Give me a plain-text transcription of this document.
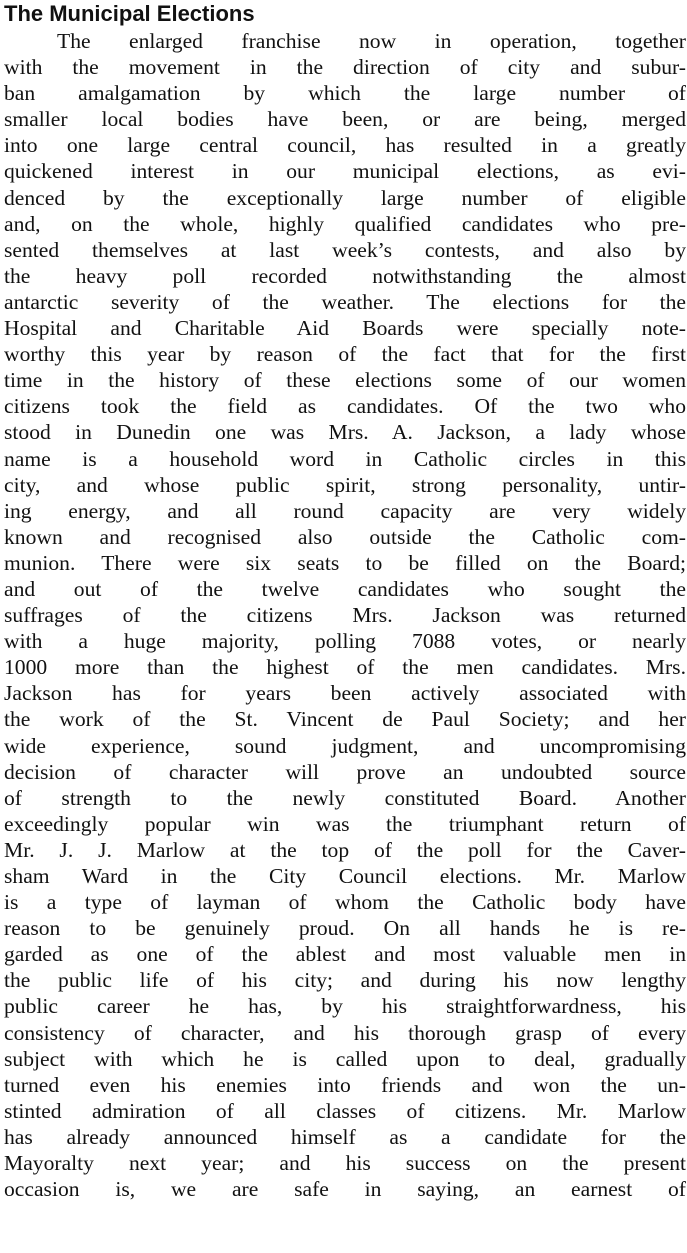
The Municipal Elections
The enlarged franchise now in operation, together
with the movement in the direction of city and subur-
ban amalgamation by which the large number of
smaller local bodies have been, or are being, merged
into one large central council, has resulted in a greatly
quickened interest in our municipal elections, as evi-
denced by the exceptionally large number of eligible
and, on the whole, highly qualified candidates who pre-
sented themselves at last week’s contests, and also by
the heavy poll recorded notwithstanding the almost
antarctic severity of the weather. The elections for the
Hospital and Charitable Aid Boards were specially note-
worthy this year by reason of the fact that for the first
time in the history of these elections some of our women
citizens took the field as candidates. Of the two who
stood in Dunedin one was Mrs. A. Jackson, a lady whose
name is a household word in Catholic circles in this
city, and whose public spirit, strong personality, untir-
ing energy, and all round capacity are very widely
known and recognised also outside the Catholic com-
munion. There were six seats to be filled on the Board;
and out of the twelve candidates who sought the
suffrages of the citizens Mrs. Jackson was returned
with a huge majority, polling 7088 votes, or nearly
1000 more than the highest of the men candidates. Mrs.
Jackson has for years been actively associated with
the work of the St. Vincent de Paul Society; and her
wide experience, sound judgment, and uncompromising
decision of character will prove an undoubted source
of strength to the newly constituted Board. Another
exceedingly popular win was the triumphant return of
Mr. J. J. Marlow at the top of the poll for the Caver-
sham Ward in the City Council elections. Mr. Marlow
is a type of layman of whom the Catholic body have
reason to be genuinely proud. On all hands he is re-
garded as one of the ablest and most valuable men in
the public life of his city; and during his now lengthy
public career he has, by his straightforwardness, his
consistency of character, and his thorough grasp of every
subject with which he is called upon to deal, gradually
turned even his enemies into friends and won the un-
stinted admiration of all classes of citizens. Mr. Marlow
has already announced himself as a candidate for the
Mayoralty next year; and his success on the present
occasion is, we are safe in saying, an earnest of
